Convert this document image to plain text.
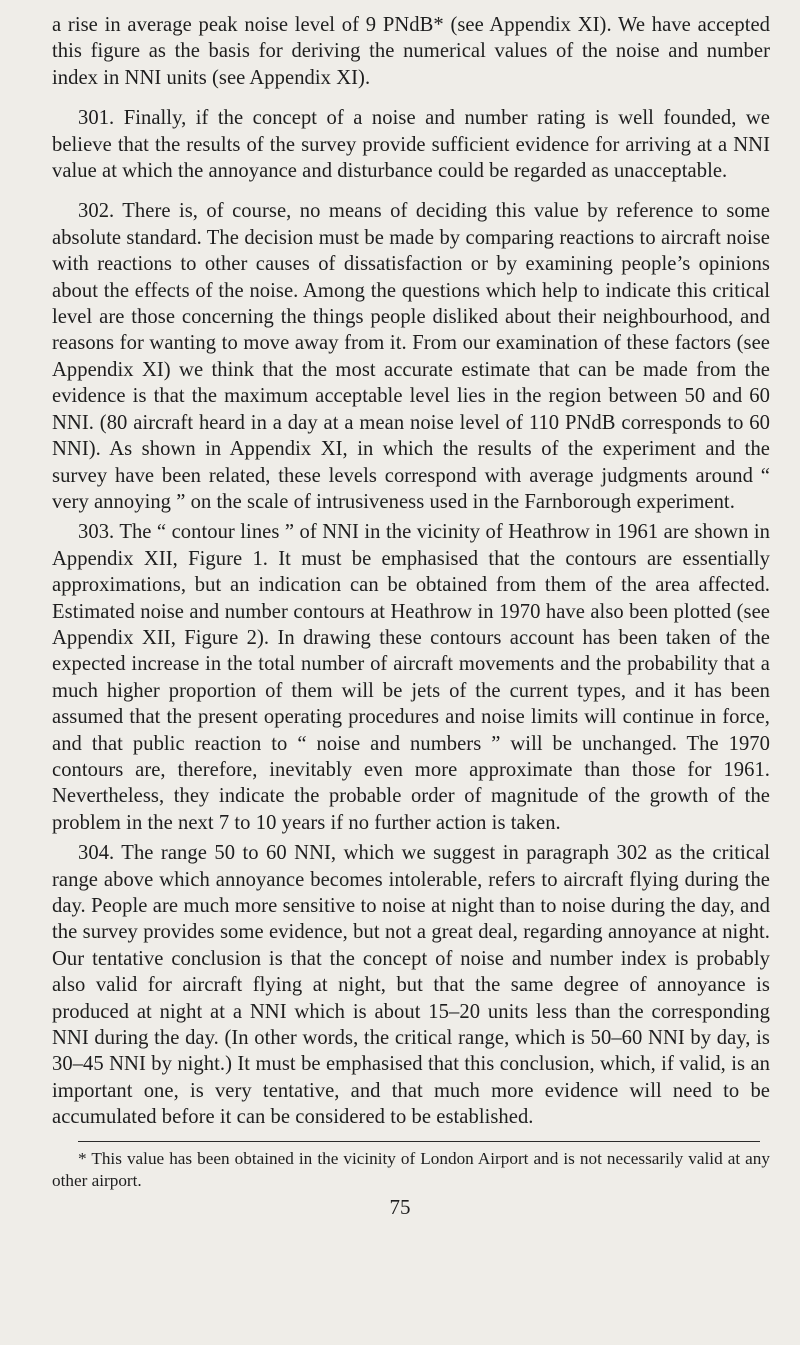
a rise in average peak noise level of 9 PNdB* (see Appendix XI). We have accepted this figure as the basis for deriving the numerical values of the noise and number index in NNI units (see Appendix XI).

301. Finally, if the concept of a noise and number rating is well founded, we believe that the results of the survey provide sufficient evidence for arriving at a NNI value at which the annoyance and disturbance could be regarded as unacceptable.

302. There is, of course, no means of deciding this value by reference to some absolute standard. The decision must be made by comparing reactions to aircraft noise with reactions to other causes of dissatisfaction or by examining people’s opinions about the effects of the noise. Among the questions which help to indicate this critical level are those concerning the things people disliked about their neighbourhood, and reasons for wanting to move away from it. From our examination of these factors (see Appendix XI) we think that the most accurate estimate that can be made from the evidence is that the maximum acceptable level lies in the region between 50 and 60 NNI. (80 aircraft heard in a day at a mean noise level of 110 PNdB corresponds to 60 NNI). As shown in Appendix XI, in which the results of the experiment and the survey have been related, these levels correspond with average judgments around “ very annoying ” on the scale of intrusiveness used in the Farnborough experiment.

303. The “ contour lines ” of NNI in the vicinity of Heathrow in 1961 are shown in Appendix XII, Figure 1. It must be emphasised that the contours are essentially approximations, but an indication can be obtained from them of the area affected. Estimated noise and number contours at Heathrow in 1970 have also been plotted (see Appendix XII, Figure 2). In drawing these contours account has been taken of the expected increase in the total number of aircraft movements and the probability that a much higher proportion of them will be jets of the current types, and it has been assumed that the present operating procedures and noise limits will continue in force, and that public reaction to “ noise and numbers ” will be unchanged. The 1970 contours are, therefore, inevitably even more approximate than those for 1961. Nevertheless, they indicate the probable order of magnitude of the growth of the problem in the next 7 to 10 years if no further action is taken.

304. The range 50 to 60 NNI, which we suggest in paragraph 302 as the critical range above which annoyance becomes intolerable, refers to aircraft flying during the day. People are much more sensitive to noise at night than to noise during the day, and the survey provides some evidence, but not a great deal, regarding annoyance at night. Our tentative conclusion is that the concept of noise and number index is probably also valid for aircraft flying at night, but that the same degree of annoyance is produced at night at a NNI which is about 15–20 units less than the corresponding NNI during the day. (In other words, the critical range, which is 50–60 NNI by day, is 30–45 NNI by night.) It must be emphasised that this conclusion, which, if valid, is an important one, is very tentative, and that much more evidence will need to be accumulated before it can be considered to be established.

* This value has been obtained in the vicinity of London Airport and is not necessarily valid at any other airport.

75
